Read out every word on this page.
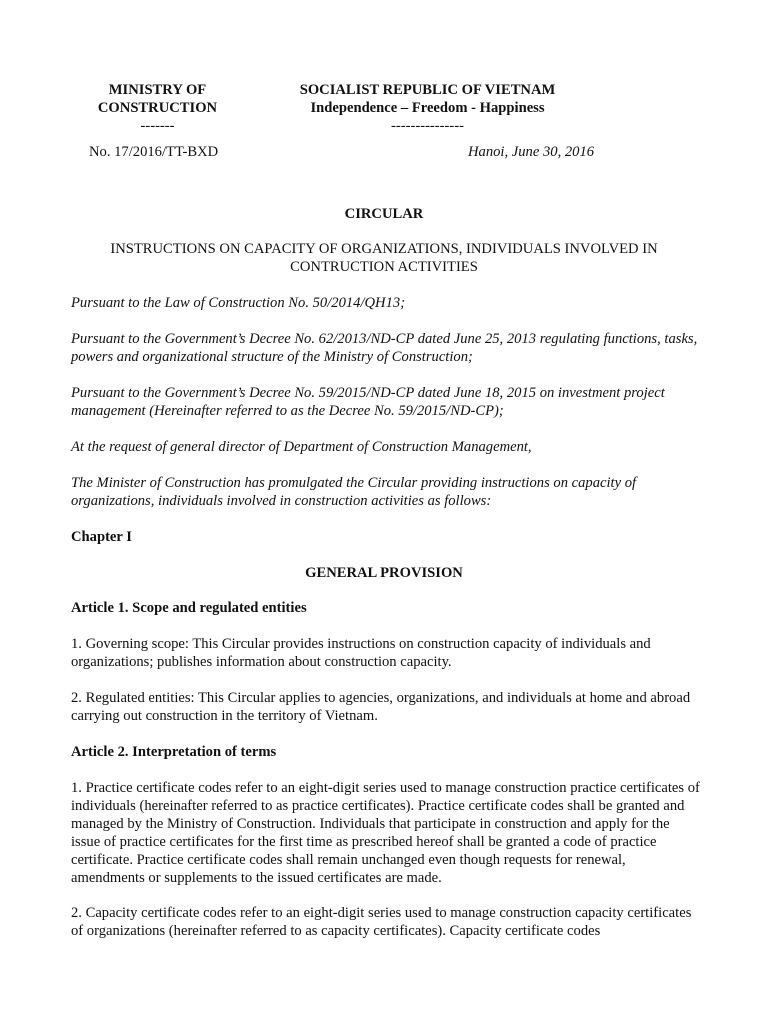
MINISTRY OF
CONSTRUCTION
-------
SOCIALIST REPUBLIC OF VIETNAM
Independence – Freedom - Happiness
---------------
No. 17/2016/TT-BXD	Hanoi, June 30, 2016
CIRCULAR
INSTRUCTIONS ON CAPACITY OF ORGANIZATIONS, INDIVIDUALS INVOLVED IN
CONTRUCTION ACTIVITIES
Pursuant to the Law of Construction No. 50/2014/QH13;
Pursuant to the Government’s Decree No. 62/2013/ND-CP dated June 25, 2013 regulating functions, tasks, powers and organizational structure of the Ministry of Construction;
Pursuant to the Government’s Decree No. 59/2015/ND-CP dated June 18, 2015 on investment project management (Hereinafter referred to as the Decree No. 59/2015/ND-CP);
At the request of general director of Department of Construction Management,
The Minister of Construction has promulgated the Circular providing instructions on capacity of organizations, individuals involved in construction activities as follows:
Chapter I
GENERAL PROVISION
Article 1. Scope and regulated entities
1. Governing scope: This Circular provides instructions on construction capacity of individuals and organizations; publishes information about construction capacity.
2. Regulated entities: This Circular applies to agencies, organizations, and individuals at home and abroad carrying out construction in the territory of Vietnam.
Article 2. Interpretation of terms
1. Practice certificate codes refer to an eight-digit series used to manage construction practice certificates of individuals (hereinafter referred to as practice certificates). Practice certificate codes shall be granted and managed by the Ministry of Construction. Individuals that participate in construction and apply for the issue of practice certificates for the first time as prescribed hereof shall be granted a code of practice certificate. Practice certificate codes shall remain unchanged even though requests for renewal, amendments or supplements to the issued certificates are made.
2. Capacity certificate codes refer to an eight-digit series used to manage construction capacity certificates of organizations (hereinafter referred to as capacity certificates). Capacity certificate codes
